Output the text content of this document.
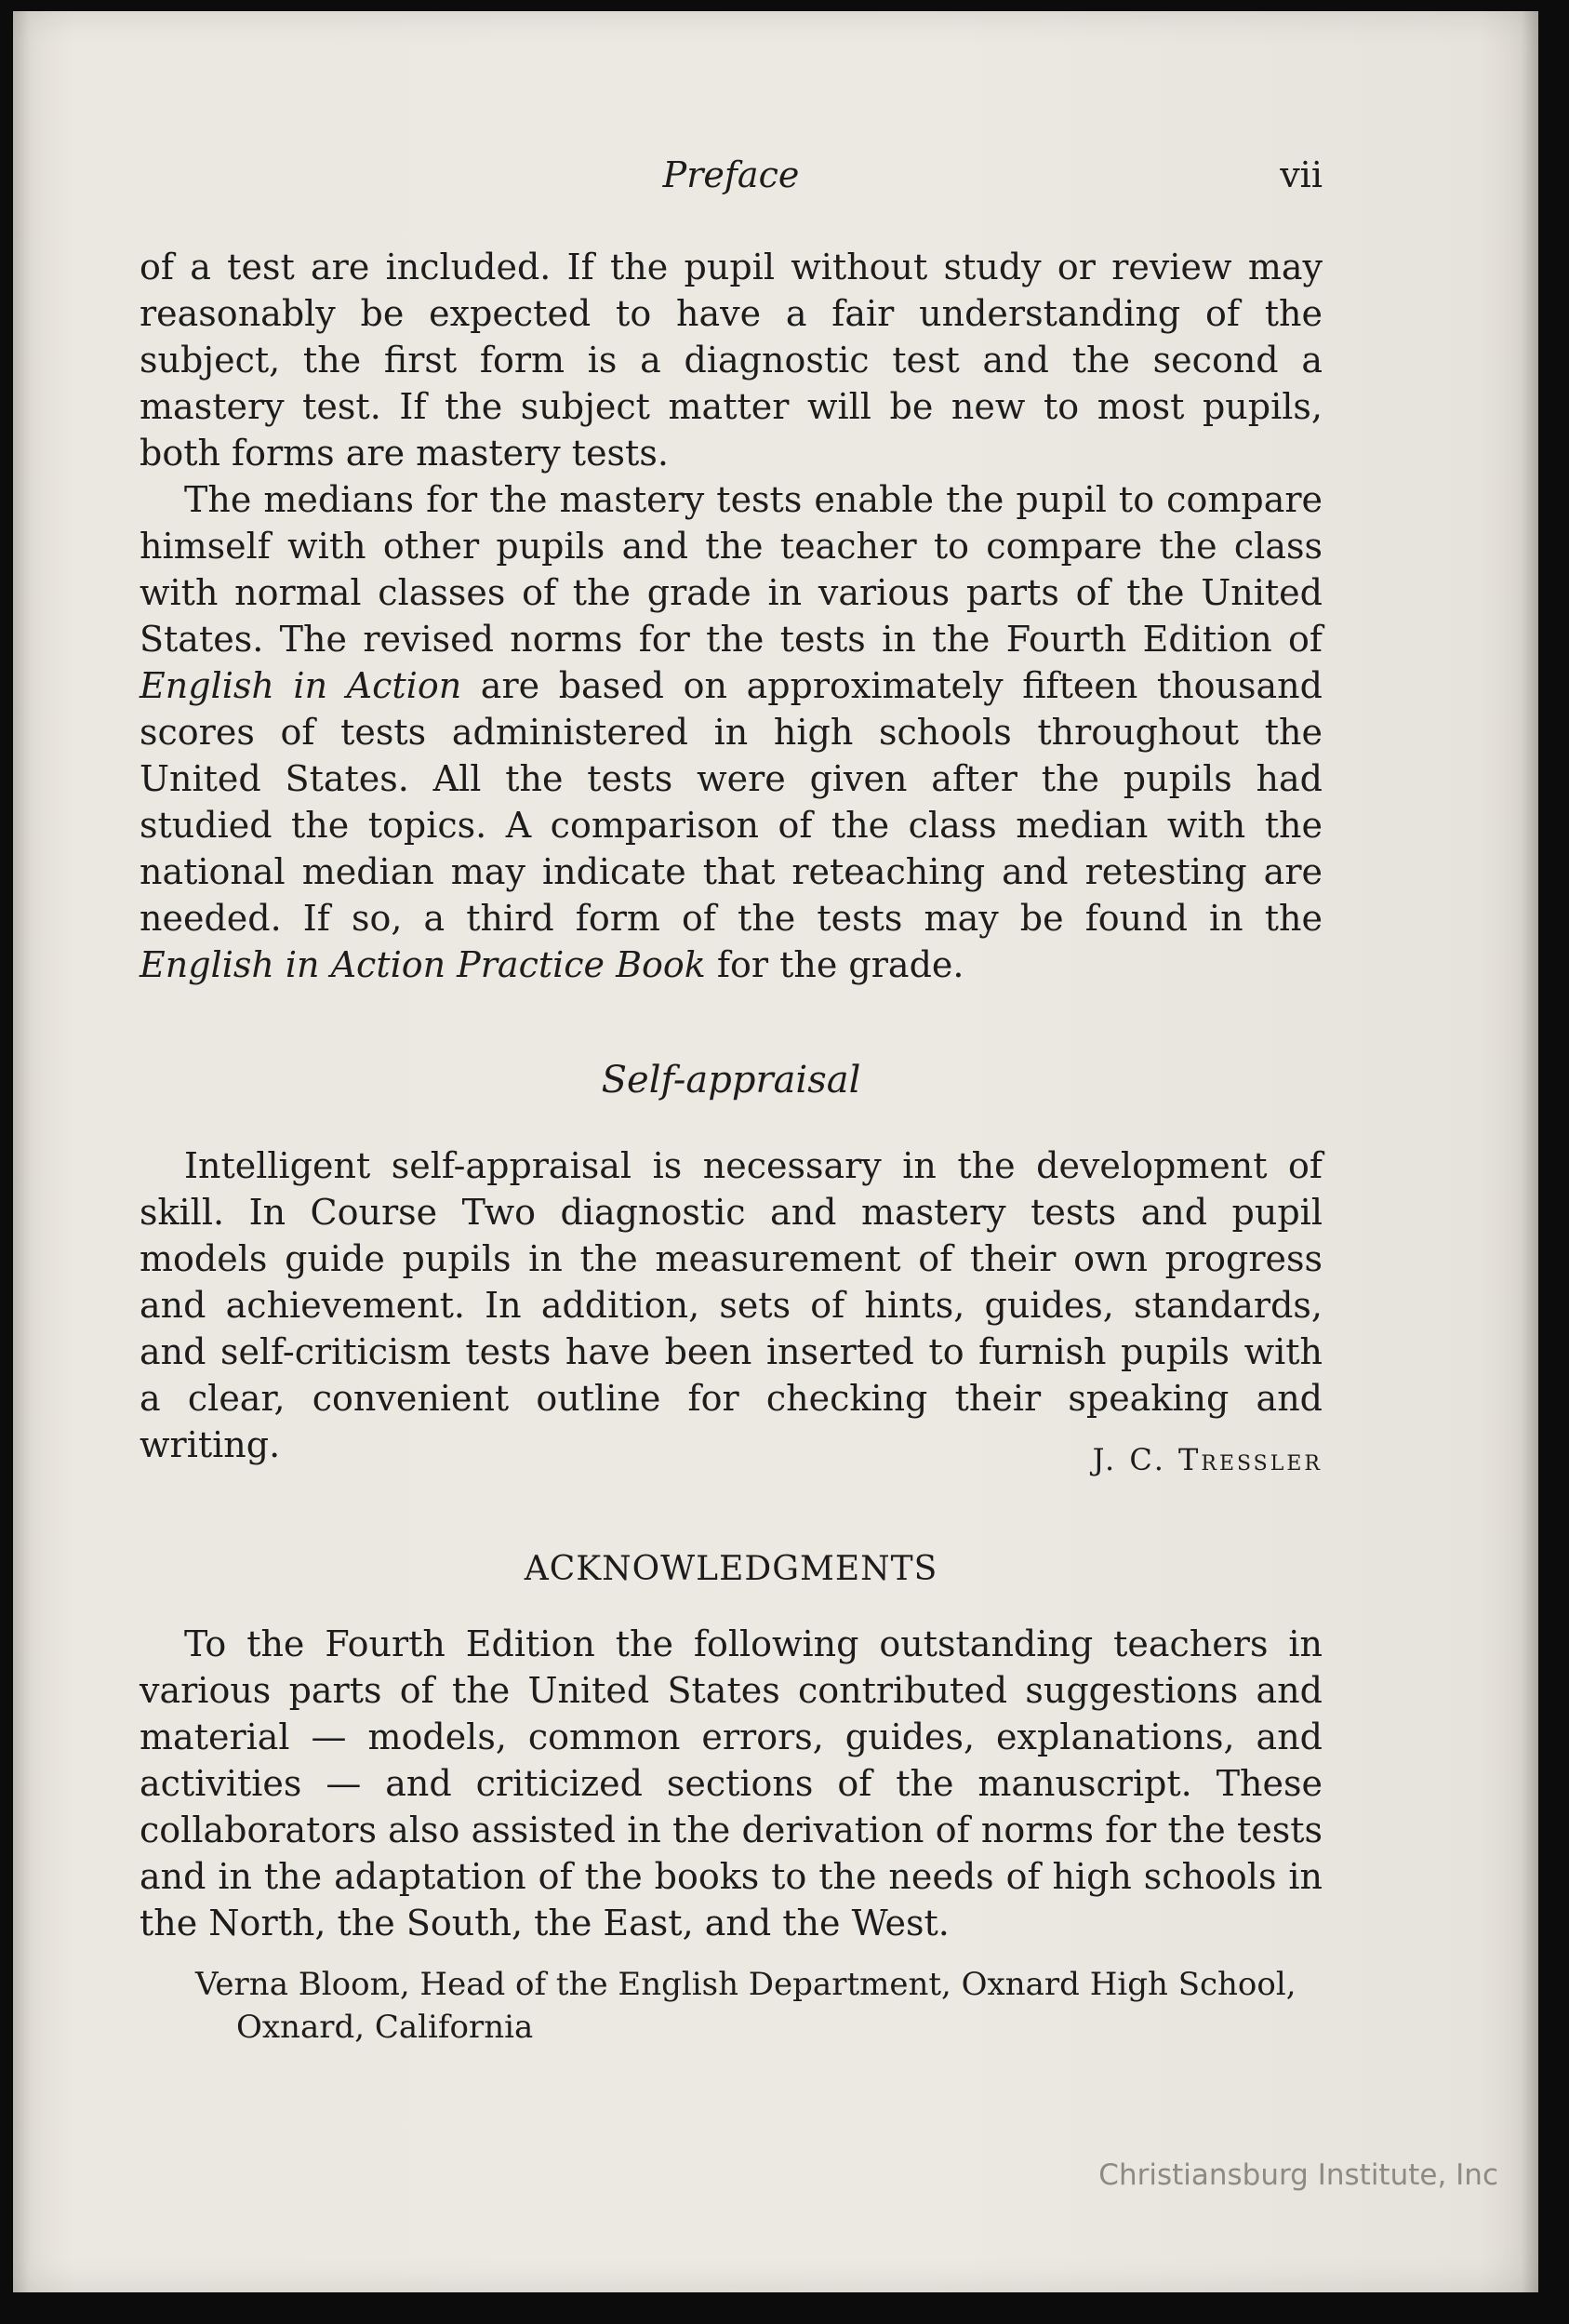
Preface	vii

of a test are included. If the pupil without study or review may reasonably be expected to have a fair understanding of the subject, the first form is a diagnostic test and the second a mastery test. If the subject matter will be new to most pupils, both forms are mastery tests.

The medians for the mastery tests enable the pupil to compare himself with other pupils and the teacher to compare the class with normal classes of the grade in various parts of the United States. The revised norms for the tests in the Fourth Edition of English in Action are based on approximately fifteen thousand scores of tests administered in high schools throughout the United States. All the tests were given after the pupils had studied the topics. A comparison of the class median with the national median may indicate that reteaching and retesting are needed. If so, a third form of the tests may be found in the English in Action Practice Book for the grade.

Self-appraisal

Intelligent self-appraisal is necessary in the development of skill. In Course Two diagnostic and mastery tests and pupil models guide pupils in the measurement of their own progress and achievement. In addition, sets of hints, guides, standards, and self-criticism tests have been inserted to furnish pupils with a clear, convenient outline for checking their speaking and writing.	J. C. Tressler
ACKNOWLEDGMENTS

To the Fourth Edition the following outstanding teachers in various parts of the United States contributed suggestions and material — models, common errors, guides, explanations, and activities — and criticized sections of the manuscript. These collaborators also assisted in the derivation of norms for the tests and in the adaptation of the books to the needs of high schools in the North, the South, the East, and the West.

Verna Bloom, Head of the English Department, Oxnard High School, Oxnard, California
Christiansburg Institute, Inc
